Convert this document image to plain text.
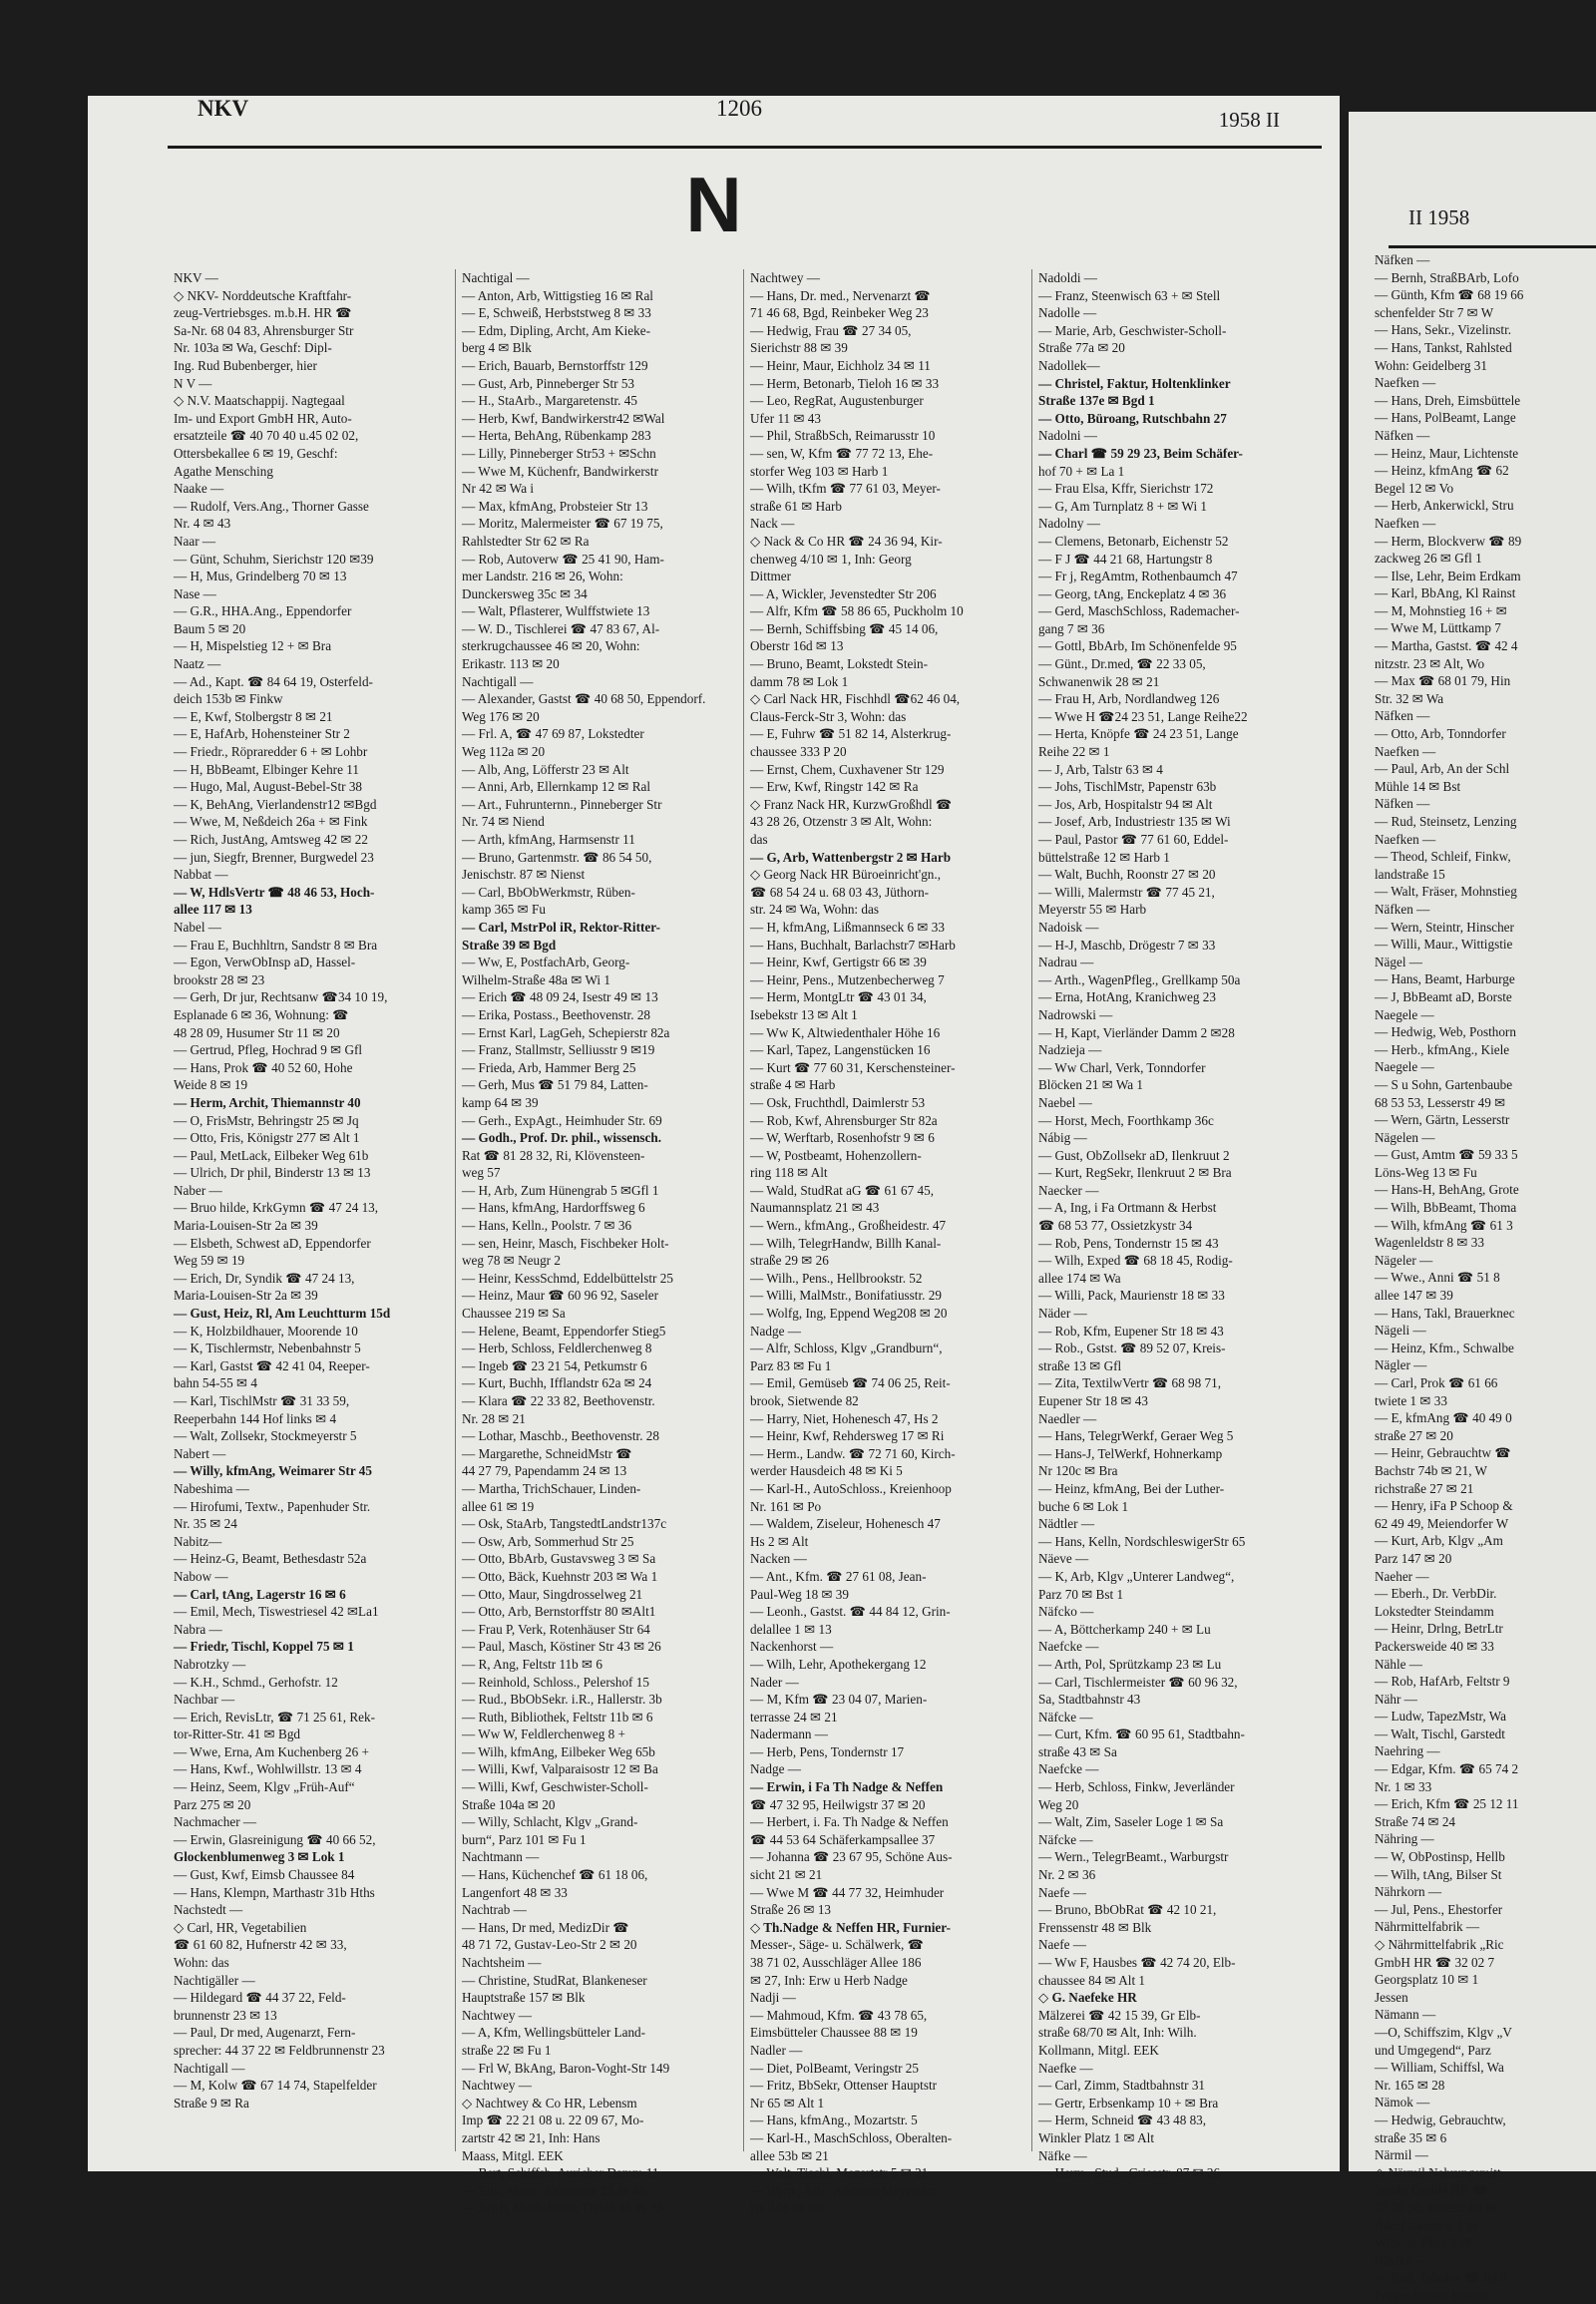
II 1958
Näfken —
— Bernh, StraßBArb, Lofo
— Günth, Kfm ☎ 68 19 66
schenfelder Str 7 ✉ W
— Hans, Sekr., Vizelinstr.
— Hans, Tankst, Rahlsted
Wohn: Geidelberg 31
Naefken —
— Hans, Dreh, Eimsbüttele
— Hans, PolBeamt, Lange
Näfken —
— Heinz, Maur, Lichtenste
— Heinz, kfmAng ☎ 62
Begel 12 ✉ Vo
— Herb, Ankerwickl, Stru
Naefken —
— Herm, Blockverw ☎ 89
zackweg 26 ✉ Gfl 1
— Ilse, Lehr, Beim Erdkam
— Karl, BbAng, Kl Rainst
— M, Mohnstieg 16 + ✉
— Wwe M, Lüttkamp 7
— Martha, Gastst. ☎ 42 4
nitzstr. 23 ✉ Alt, Wo
— Max ☎ 68 01 79, Hin
Str. 32 ✉ Wa
Näfken —
— Otto, Arb, Tonndorfer
Naefken —
— Paul, Arb, An der Schl
Mühle 14 ✉ Bst
Näfken —
— Rud, Steinsetz, Lenzing
Naefken —
— Theod, Schleif, Finkw,
landstraße 15
— Walt, Fräser, Mohnstieg
Näfken —
— Wern, Steintr, Hinscher
— Willi, Maur., Wittigstie
Nägel —
— Hans, Beamt, Harburge
— J, BbBeamt aD, Borste
Naegele —
— Hedwig, Web, Posthorn
— Herb., kfmAng., Kiele
Naegele —
— S u Sohn, Gartenbaube
68 53 53, Lesserstr 49 ✉
— Wern, Gärtn, Lesserstr
Nägelen —
— Gust, Amtm ☎ 59 33 5
Löns-Weg 13 ✉ Fu
— Hans-H, BehAng, Grote
— Wilh, BbBeamt, Thoma
— Wilh, kfmAng ☎ 61 3
Wagenleldstr 8 ✉ 33
Nägeler —
— Wwe., Anni ☎ 51 8
allee 147 ✉ 39
— Hans, Takl, Brauerknec
Nägeli —
— Heinz, Kfm., Schwalbe
Nägler —
— Carl, Prok ☎ 61 66
twiete 1 ✉ 33
— E, kfmAng ☎ 40 49 0
straße 27 ✉ 20
— Heinr, Gebrauchtw ☎
Bachstr 74b ✉ 21, W
richstraße 27 ✉ 21
— Henry, iFa P Schoop &
62 49 49, Meiendorfer W
— Kurt, Arb, Klgv „Am
Parz 147 ✉ 20
Naeher —
— Eberh., Dr. VerbDir.
Lokstedter Steindamm
— Heinr, Drlng, BetrLtr
Packersweide 40 ✉ 33
Nähle —
— Rob, HafArb, Feltstr 9
Nähr —
— Ludw, TapezMstr, Wa
— Walt, Tischl, Garstedt
Naehring —
— Edgar, Kfm. ☎ 65 74 2
Nr. 1 ✉ 33
— Erich, Kfm ☎ 25 12 11
Straße 74 ✉ 24
Nähring —
— W, ObPostinsp, Hellb
— Wilh, tAng, Bilser St
Nährkorn —
— Jul, Pens., Ehestorfer
Nährmittelfabrik —
◇ Nährmittelfabrik „Ric
GmbH HR ☎ 32 02 7
Georgsplatz 10 ✉ 1
Jessen
Nämann —
—O, Schiffszim, Klgv „V
und Umgegend“, Parz
— William, Schiffsl, Wa
Nr. 165 ✉ 28
Nämok —
— Hedwig, Gebrauchtw,
straße 35 ✉ 6
Närmil —
◇ Närmil Nahrungsmitt
Jacobi GmbH HR ☎
27 70 56, Jarrestr 80 ✉
Adolf Jacobi u. I Ja
Winkles Platz 1 ✉
Näsfke —
— Rud, Tabakw ☎ 60 8
Poppenbüttler Haupts
NKV	1206	1958 II
N
NKV —
◇ NKV- Norddeutsche Kraftfahr-
zeug-Vertriebsges. m.b.H. HR ☎
Sa-Nr. 68 04 83, Ahrensburger Str
Nr. 103a ✉ Wa, Geschf: Dipl-
Ing. Rud Bubenberger, hier
N V —
◇ N.V. Maatschappij. Nagtegaal
Im- und Export GmbH HR, Auto-
ersatzteile ☎ 40 70 40 u.45 02 02,
Ottersbekallee 6 ✉ 19, Geschf:
Agathe Mensching
Naake —
— Rudolf, Vers.Ang., Thorner Gasse
Nr. 4 ✉ 43
Naar —
— Günt, Schuhm, Sierichstr 120 ✉39
— H, Mus, Grindelberg 70 ✉ 13
Nase —
— G.R., HHA.Ang., Eppendorfer
Baum 5 ✉ 20
— H, Mispelstieg 12 + ✉ Bra
Naatz —
— Ad., Kapt. ☎ 84 64 19, Osterfeld-
deich 153b ✉ Finkw
— E, Kwf, Stolbergstr 8 ✉ 21
— E, HafArb, Hohensteiner Str 2
— Friedr., Röpraredder 6 + ✉ Lohbr
— H, BbBeamt, Elbinger Kehre 11
— Hugo, Mal, August-Bebel-Str 38
— K, BehAng, Vierlandenstr12 ✉Bgd
— Wwe, M, Neßdeich 26a + ✉ Fink
— Rich, JustAng, Amtsweg 42 ✉ 22
— jun, Siegfr, Brenner, Burgwedel 23
Nabbat —
— W, HdlsVertr ☎ 48 46 53, Hoch-
allee 117 ✉ 13
Nabel —
— Frau E, Buchhltrn, Sandstr 8 ✉ Bra
— Egon, VerwObInsp aD, Hassel-
brookstr 28 ✉ 23
— Gerh, Dr jur, Rechtsanw ☎34 10 19,
Esplanade 6 ✉ 36, Wohnung: ☎
48 28 09, Husumer Str 11 ✉ 20
— Gertrud, Pfleg, Hochrad 9 ✉ Gfl
— Hans, Prok ☎ 40 52 60, Hohe
Weide 8 ✉ 19
— Herm, Archit, Thiemannstr 40
— O, FrisMstr, Behringstr 25 ✉ Jq
— Otto, Fris, Königstr 277 ✉ Alt 1
— Paul, MetLack, Eilbeker Weg 61b
— Ulrich, Dr phil, Binderstr 13 ✉ 13
Naber —
— Bruo hilde, KrkGymn ☎ 47 24 13,
Maria-Louisen-Str 2a ✉ 39
— Elsbeth, Schwest aD, Eppendorfer
Weg 59 ✉ 19
— Erich, Dr, Syndik ☎ 47 24 13,
Maria-Louisen-Str 2a ✉ 39
— Gust, Heiz, Rl, Am Leuchtturm 15d
— K, Holzbildhauer, Moorende 10
— K, Tischlermstr, Nebenbahnstr 5
— Karl, Gastst ☎ 42 41 04, Reeper-
bahn 54-55 ✉ 4
— Karl, TischlMstr ☎ 31 33 59,
Reeperbahn 144 Hof links ✉ 4
— Walt, Zollsekr, Stockmeyerstr 5
Nabert —
— Willy, kfmAng, Weimarer Str 45
Nabeshima —
— Hirofumi, Textw., Papenhuder Str.
Nr. 35 ✉ 24
Nabitz—
— Heinz-G, Beamt, Bethesdastr 52a
Nabow —
— Carl, tAng, Lagerstr 16 ✉ 6
— Emil, Mech, Tiswestriesel 42 ✉La1
Nabra —
— Friedr, Tischl, Koppel 75 ✉ 1
Nabrotzky —
— K.H., Schmd., Gerhofstr. 12
Nachbar —
— Erich, RevisLtr, ☎ 71 25 61, Rek-
tor-Ritter-Str. 41 ✉ Bgd
— Wwe, Erna, Am Kuchenberg 26 +
— Hans, Kwf., Wohlwillstr. 13 ✉ 4
— Heinz, Seem, Klgv „Früh-Auf“
Parz 275 ✉ 20
Nachmacher —
— Erwin, Glasreinigung ☎ 40 66 52,
Glockenblumenweg 3 ✉ Lok 1
— Gust, Kwf, Eimsb Chaussee 84
— Hans, Klempn, Marthastr 31b Hths
Nachstedt —
◇ Carl, HR, Vegetabilien
☎ 61 60 82, Hufnerstr 42 ✉ 33,
Wohn: das
Nachtigäller —
— Hildegard ☎ 44 37 22, Feld-
brunnenstr 23 ✉ 13
— Paul, Dr med, Augenarzt, Fern-
sprecher: 44 37 22 ✉ Feldbrunnenstr 23
Nachtigall —
— M, Kolw ☎ 67 14 74, Stapelfelder
Straße 9 ✉ Ra
Nachtigal —
— Anton, Arb, Wittigstieg 16 ✉ Ral
— E, Schweiß, Herbststweg 8 ✉ 33
— Edm, Dipling, Archt, Am Kieke-
berg 4 ✉ Blk
— Erich, Bauarb, Bernstorffstr 129
— Gust, Arb, Pinneberger Str 53
— H., StaArb., Margaretenstr. 45
— Herb, Kwf, Bandwirkerstr42 ✉Wal
— Herta, BehAng, Rübenkamp 283
— Lilly, Pinneberger Str53 + ✉Schn
— Wwe M, Küchenfr, Bandwirkerstr
Nr 42 ✉ Wa i
— Max, kfmAng, Probsteier Str 13
— Moritz, Malermeister ☎ 67 19 75,
Rahlstedter Str 62 ✉ Ra
— Rob, Autoverw ☎ 25 41 90, Ham-
mer Landstr. 216 ✉ 26, Wohn:
Dunckersweg 35c ✉ 34
— Walt, Pflasterer, Wulffstwiete 13
— W. D., Tischlerei ☎ 47 83 67, Al-
sterkrugchaussee 46 ✉ 20, Wohn:
Erikastr. 113 ✉ 20
Nachtigall —
— Alexander, Gastst ☎ 40 68 50, Eppendorf.
Weg 176 ✉ 20
— Frl. A, ☎ 47 69 87, Lokstedter
Weg 112a ✉ 20
— Alb, Ang, Löfferstr 23 ✉ Alt
— Anni, Arb, Ellernkamp 12 ✉ Ral
— Art., Fuhrunternn., Pinneberger Str
Nr. 74 ✉ Niend
— Arth, kfmAng, Harmsenstr 11
— Bruno, Gartenmstr. ☎ 86 54 50,
Jenischstr. 87 ✉ Nienst
— Carl, BbObWerkmstr, Rüben-
kamp 365 ✉ Fu
— Carl, MstrPol iR, Rektor-Ritter-
Straße 39 ✉ Bgd
— Ww, E, PostfachArb, Georg-
Wilhelm-Straße 48a ✉ Wi 1
— Erich ☎ 48 09 24, Isestr 49 ✉ 13
— Erika, Postass., Beethovenstr. 28
— Ernst Karl, LagGeh, Schepierstr 82a
— Franz, Stallmstr, Selliusstr 9 ✉19
— Frieda, Arb, Hammer Berg 25
— Gerh, Mus ☎ 51 79 84, Latten-
kamp 64 ✉ 39
— Gerh., ExpAgt., Heimhuder Str. 69
— Godh., Prof. Dr. phil., wissensch.
Rat ☎ 81 28 32, Ri, Klövensteen-
weg 57
— H, Arb, Zum Hünengrab 5 ✉Gfl 1
— Hans, kfmAng, Hardorffsweg 6
— Hans, Kelln., Poolstr. 7 ✉ 36
— sen, Heinr, Masch, Fischbeker Holt-
weg 78 ✉ Neugr 2
— Heinr, KessSchmd, Eddelbüttelstr 25
— Heinz, Maur ☎ 60 96 92, Saseler
Chaussee 219 ✉ Sa
— Helene, Beamt, Eppendorfer Stieg5
— Herb, Schloss, Feldlerchenweg 8
— Ingeb ☎ 23 21 54, Petkumstr 6
— Kurt, Buchh, Ifflandstr 62a ✉ 24
— Klara ☎ 22 33 82, Beethovenstr.
Nr. 28 ✉ 21
— Lothar, Maschb., Beethovenstr. 28
— Margarethe, SchneidMstr ☎
44 27 79, Papendamm 24 ✉ 13
— Martha, TrichSchauer, Linden-
allee 61 ✉ 19
— Osk, StaArb, TangstedtLandstr137c
— Osw, Arb, Sommerhud Str 25
— Otto, BbArb, Gustavsweg 3 ✉ Sa
— Otto, Bäck, Kuehnstr 203 ✉ Wa 1
— Otto, Maur, Singdrosselweg 21
— Otto, Arb, Bernstorffstr 80 ✉Alt1
— Frau P, Verk, Rotenhäuser Str 64
— Paul, Masch, Köstiner Str 43 ✉ 26
— R, Ang, Feltstr 11b ✉ 6
— Reinhold, Schloss., Pelershof 15
— Rud., BbObSekr. i.R., Hallerstr. 3b
— Ruth, Bibliothek, Feltstr 11b ✉ 6
— Ww W, Feldlerchenweg 8 +
— Wilh, kfmAng, Eilbeker Weg 65b
— Willi, Kwf, Valparaisostr 12 ✉ Ba
— Willi, Kwf, Geschwister-Scholl-
Straße 104a ✉ 20
— Willy, Schlacht, Klgv „Grand-
burn“, Parz 101 ✉ Fu 1
Nachtmann —
— Hans, Küchenchef ☎ 61 18 06,
Langenfort 48 ✉ 33
Nachtrab —
— Hans, Dr med, MedizDir ☎
48 71 72, Gustav-Leo-Str 2 ✉ 20
Nachtsheim —
— Christine, StudRat, Blankeneser
Hauptstraße 157 ✉ Blk
Nachtwey —
— A, Kfm, Wellingsbütteler Land-
straße 22 ✉ Fu 1
— Frl W, BkAng, Baron-Voght-Str 149
Nachtwey —
◇ Nachtwey & Co HR, Lebensm
Imp ☎ 22 21 08 u. 22 09 67, Mo-
zartstr 42 ✉ 21, Inh: Hans
Maass, Mitgl. EEK
— Bert, Schiffsb, Auricher Damm 11
— Erh., Maur., Krausestr. 25 ✉ 43
— Erich, MotSchloss, Tieloh 16 ✉ 33
Nachtwey —
— Hans, Dr. med., Nervenarzt ☎
71 46 68, Bgd, Reinbeker Weg 23
— Hedwig, Frau ☎ 27 34 05,
Sierichstr 88 ✉ 39
— Heinr, Maur, Eichholz 34 ✉ 11
— Herm, Betonarb, Tieloh 16 ✉ 33
— Leo, RegRat, Augustenburger
Ufer 11 ✉ 43
— Phil, StraßbSch, Reimarusstr 10
— sen, W, Kfm ☎ 77 72 13, Ehe-
storfer Weg 103 ✉ Harb 1
— Wilh, tKfm ☎ 77 61 03, Meyer-
straße 61 ✉ Harb
Nack —
◇ Nack & Co HR ☎ 24 36 94, Kir-
chenweg 4/10 ✉ 1, Inh: Georg
Dittmer
— A, Wickler, Jevenstedter Str 206
— Alfr, Kfm ☎ 58 86 65, Puckholm 10
— Bernh, Schiffsbing ☎ 45 14 06,
Oberstr 16d ✉ 13
— Bruno, Beamt, Lokstedt Stein-
damm 78 ✉ Lok 1
◇ Carl Nack HR, Fischhdl ☎62 46 04,
Claus-Ferck-Str 3, Wohn: das
— E, Fuhrw ☎ 51 82 14, Alsterkrug-
chaussee 333 P 20
— Ernst, Chem, Cuxhavener Str 129
— Erw, Kwf, Ringstr 142 ✉ Ra
◇ Franz Nack HR, KurzwGroßhdl ☎
43 28 26, Otzenstr 3 ✉ Alt, Wohn:
das
— G, Arb, Wattenbergstr 2 ✉ Harb
◇ Georg Nack HR Büroeinricht'gn.,
☎ 68 54 24 u. 68 03 43, Jüthorn-
str. 24 ✉ Wa, Wohn: das
— H, kfmAng, Lißmannseck 6 ✉ 33
— Hans, Buchhalt, Barlachstr7 ✉Harb
— Heinr, Kwf, Gertigstr 66 ✉ 39
— Heinr, Pens., Mutzenbecherweg 7
— Herm, MontgLtr ☎ 43 01 34,
Isebekstr 13 ✉ Alt 1
— Ww K, Altwiedenthaler Höhe 16
— Karl, Tapez, Langenstücken 16
— Kurt ☎ 77 60 31, Kerschensteiner-
straße 4 ✉ Harb
— Osk, Fruchthdl, Daimlerstr 53
— Rob, Kwf, Ahrensburger Str 82a
— W, Werftarb, Rosenhofstr 9 ✉ 6
— W, Postbeamt, Hohenzollern-
ring 118 ✉ Alt
— Wald, StudRat aG ☎ 61 67 45,
Naumannsplatz 21 ✉ 43
— Wern., kfmAng., Großheidestr. 47
— Wilh, TelegrHandw, Billh Kanal-
straße 29 ✉ 26
— Wilh., Pens., Hellbrookstr. 52
— Willi, MalMstr., Bonifatiusstr. 29
— Wolfg, Ing, Eppend Weg208 ✉ 20
Nadge —
— Alfr, Schloss, Klgv „Grandburn“,
Parz 83 ✉ Fu 1
— Emil, Gemüseb ☎ 74 06 25, Reit-
brook, Sietwende 82
— Harry, Niet, Hohenesch 47, Hs 2
— Heinr, Kwf, Rehdersweg 17 ✉ Ri
— Herm., Landw. ☎ 72 71 60, Kirch-
werder Hausdeich 48 ✉ Ki 5
— Karl-H., AutoSchloss., Kreienhoop
Nr. 161 ✉ Po
— Waldem, Ziseleur, Hohenesch 47
Hs 2 ✉ Alt
Nacken —
— Ant., Kfm. ☎ 27 61 08, Jean-
Paul-Weg 18 ✉ 39
— Leonh., Gastst. ☎ 44 84 12, Grin-
delallee 1 ✉ 13
Nackenhorst —
— Wilh, Lehr, Apothekergang 12
Nader —
— M, Kfm ☎ 23 04 07, Marien-
terrasse 24 ✉ 21
Nadermann —
— Herb, Pens, Tondernstr 17
Nadge —
— Erwin, i Fa Th Nadge & Neffen
☎ 47 32 95, Heilwigstr 37 ✉ 20
— Herbert, i. Fa. Th Nadge & Neffen
☎ 44 53 64 Schäferkampsallee 37
— Johanna ☎ 23 67 95, Schöne Aus-
sicht 21 ✉ 21
— Wwe M ☎ 44 77 32, Heimhuder
Straße 26 ✉ 13
◇ Th.Nadge & Neffen HR, Furnier-
Messer-, Säge- u. Schälwerk, ☎
38 71 02, Ausschläger Allee 186
✉ 27, Inh: Erw u Herb Nadge
Nadji —
— Mahmoud, Kfm. ☎ 43 78 65,
Eimsbütteler Chaussee 88 ✉ 19
Nadler —
— Diet, PolBeamt, Veringstr 25
— Fritz, BbSekr, Ottenser Hauptstr
Nr 65 ✉ Alt 1
— Hans, kfmAng., Mozartstr. 5
— Karl-H., MaschSchloss, Oberalten-
allee 53b ✉ 21
— Walt, Tischl, Mozartstr 5 ✉ 21
— Wern., Arb., Andreas-Meyer-Str.
Nr. 106 ✉ Bst
Nadoldi —
— Franz, Steenwisch 63 + ✉ Stell
Nadolle —
— Marie, Arb, Geschwister-Scholl-
Straße 77a ✉ 20
Nadollek—
— Christel, Faktur, Holtenklinker
Straße 137e ✉ Bgd 1
— Otto, Büroang, Rutschbahn 27
Nadolni —
— Charl ☎ 59 29 23, Beim Schäfer-
hof 70 + ✉ La 1
— Frau Elsa, Kffr, Sierichstr 172
— G, Am Turnplatz 8 + ✉ Wi 1
Nadolny —
— Clemens, Betonarb, Eichenstr 52
— F J ☎ 44 21 68, Hartungstr 8
— Fr j, RegAmtm, Rothenbaumch 47
— Georg, tAng, Enckeplatz 4 ✉ 36
— Gerd, MaschSchloss, Rademacher-
gang 7 ✉ 36
— Gottl, BbArb, Im Schönenfelde 95
— Günt., Dr.med, ☎ 22 33 05,
Schwanenwik 28 ✉ 21
— Frau H, Arb, Nordlandweg 126
— Wwe H ☎24 23 51, Lange Reihe22
— Herta, Knöpfe ☎ 24 23 51, Lange
Reihe 22 ✉ 1
— J, Arb, Talstr 63 ✉ 4
— Johs, TischlMstr, Papenstr 63b
— Jos, Arb, Hospitalstr 94 ✉ Alt
— Josef, Arb, Industriestr 135 ✉ Wi
— Paul, Pastor ☎ 77 61 60, Eddel-
büttelstraße 12 ✉ Harb 1
— Walt, Buchh, Roonstr 27 ✉ 20
— Willi, Malermstr ☎ 77 45 21,
Meyerstr 55 ✉ Harb
Nadoisk —
— H-J, Maschb, Drögestr 7 ✉ 33
Nadrau —
— Arth., WagenPfleg., Grellkamp 50a
— Erna, HotAng, Kranichweg 23
Nadrowski —
— H, Kapt, Vierländer Damm 2 ✉28
Nadzieja —
— Ww Charl, Verk, Tonndorfer
Blöcken 21 ✉ Wa 1
Naebel —
— Horst, Mech, Foorthkamp 36c
Nábig —
— Gust, ObZollsekr aD, Ilenkruut 2
— Kurt, RegSekr, Ilenkruut 2 ✉ Bra
Naecker —
— A, Ing, i Fa Ortmann & Herbst
☎ 68 53 77, Ossietzkystr 34
— Rob, Pens, Tondernstr 15 ✉ 43
— Wilh, Exped ☎ 68 18 45, Rodig-
allee 174 ✉ Wa
— Willi, Pack, Maurienstr 18 ✉ 33
Näder —
— Rob, Kfm, Eupener Str 18 ✉ 43
— Rob., Gstst. ☎ 89 52 07, Kreis-
straße 13 ✉ Gfl
— Zita, TextilwVertr ☎ 68 98 71,
Eupener Str 18 ✉ 43
Naedler —
— Hans, TelegrWerkf, Geraer Weg 5
— Hans-J, TelWerkf, Hohnerkamp
Nr 120c ✉ Bra
— Heinz, kfmAng, Bei der Luther-
buche 6 ✉ Lok 1
Nädtler —
— Hans, Kelln, NordschleswigerStr 65
Näeve —
— K, Arb, Klgv „Unterer Landweg“,
Parz 70 ✉ Bst 1
Näfcko —
— A, Böttcherkamp 240 + ✉ Lu
Naefcke —
— Arth, Pol, Sprützkamp 23 ✉ Lu
— Carl, Tischlermeister ☎ 60 96 32,
Sa, Stadtbahnstr 43
Näfcke —
— Curt, Kfm. ☎ 60 95 61, Stadtbahn-
straße 43 ✉ Sa
Naefcke —
— Herb, Schloss, Finkw, Jeverländer
Weg 20
— Walt, Zim, Saseler Loge 1 ✉ Sa
Näfcke —
— Wern., TelegrBeamt., Warburgstr
Nr. 2 ✉ 36
Naefe —
— Bruno, BbObRat ☎ 42 10 21,
Frenssenstr 48 ✉ Blk
Naefe —
— Ww F, Hausbes ☎ 42 74 20, Elb-
chaussee 84 ✉ Alt 1
◇ G. Naefeke HR
Mälzerei ☎ 42 15 39, Gr Elb-
straße 68/70 ✉ Alt, Inh: Wilh.
Kollmann, Mitgl. EEK
Naefke —
— Carl, Zimm, Stadtbahnstr 31
— Gertr, Erbsenkamp 10 + ✉ Bra
— Herm, Schneid ☎ 43 48 83,
Winkler Platz 1 ✉ Alt
Näfke —
— Herm., Stud., Griesstr. 87 ✉ 26
